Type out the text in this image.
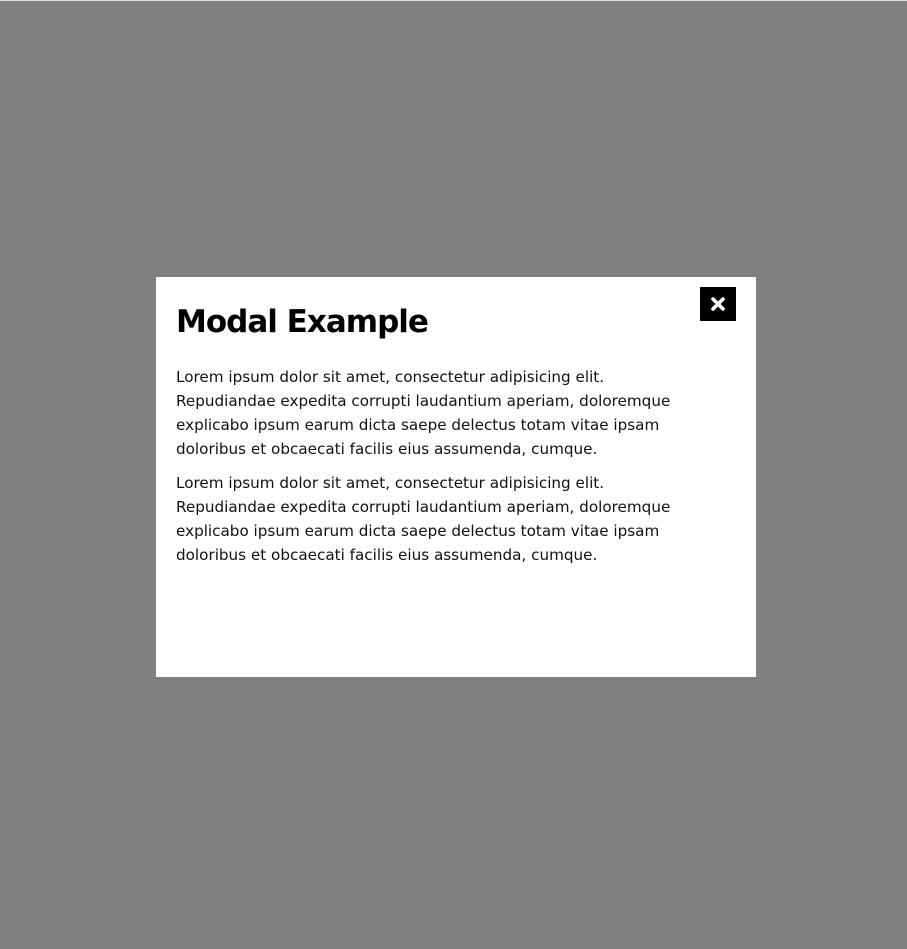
Modal Example

Lorem ipsum dolor sit amet, consectetur adipisicing elit. Repudiandae expedita corrupti laudantium aperiam, doloremque explicabo ipsum earum dicta saepe delectus totam vitae ipsam doloribus et obcaecati facilis eius assumenda, cumque.

Lorem ipsum dolor sit amet, consectetur adipisicing elit. Repudiandae expedita corrupti laudantium aperiam, doloremque explicabo ipsum earum dicta saepe delectus totam vitae ipsam doloribus et obcaecati facilis eius assumenda, cumque.
